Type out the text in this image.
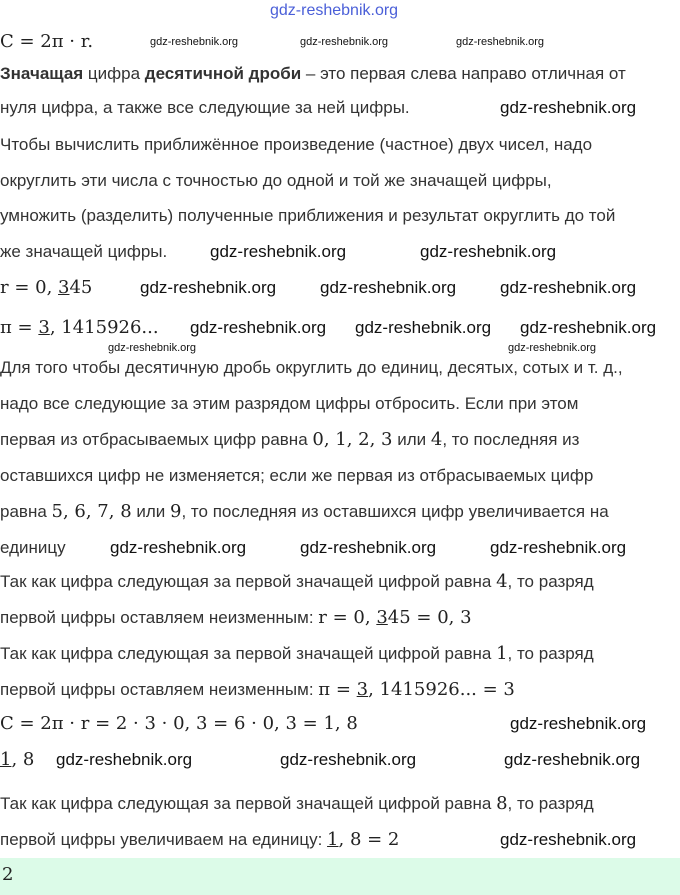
gdz-reshebnik.org
C = 2π · r.	gdz-reshebnik.org	gdz-reshebnik.org	gdz-reshebnik.org
Значащая цифра десятичной дроби – это первая слева направо отличная от
нуля цифра, а также все следующие за ней цифры.	gdz-reshebnik.org
Чтобы вычислить приближённое произведение (частное) двух чисел, надо
округлить эти числа с точностью до одной и той же значащей цифры,
умножить (разделить) полученные приближения и результат округлить до той
же значащей цифры.	gdz-reshebnik.org	gdz-reshebnik.org
r = 0, 345	gdz-reshebnik.org	gdz-reshebnik.org	gdz-reshebnik.org
π = 3, 1415926... gdz-reshebnik.org gdz-reshebnik.org gdz-reshebnik.org
gdz-reshebnik.org	gdz-reshebnik.org
Для того чтобы десятичную дробь округлить до единиц, десятых, сотых и т. д.,
надо все следующие за этим разрядом цифры отбросить. Если при этом
первая из отбрасываемых цифр равна 0, 1, 2, 3 или 4, то последняя из
оставшихся цифр не изменяется; если же первая из отбрасываемых цифр
равна 5, 6, 7, 8 или 9, то последняя из оставшихся цифр увеличивается на
единицу	gdz-reshebnik.org	gdz-reshebnik.org	gdz-reshebnik.org
Так как цифра следующая за первой значащей цифрой равна 4, то разряд
первой цифры оставляем неизменным: r = 0, 345 = 0, 3
Так как цифра следующая за первой значащей цифрой равна 1, то разряд
первой цифры оставляем неизменным: π = 3, 1415926... = 3
C = 2π · r = 2 · 3 · 0, 3 = 6 · 0, 3 = 1, 8	gdz-reshebnik.org
1, 8 gdz-reshebnik.org	gdz-reshebnik.org	gdz-reshebnik.org
Так как цифра следующая за первой значащей цифрой равна 8, то разряд
первой цифры увеличиваем на единицу: 1, 8 = 2	gdz-reshebnik.org
2
